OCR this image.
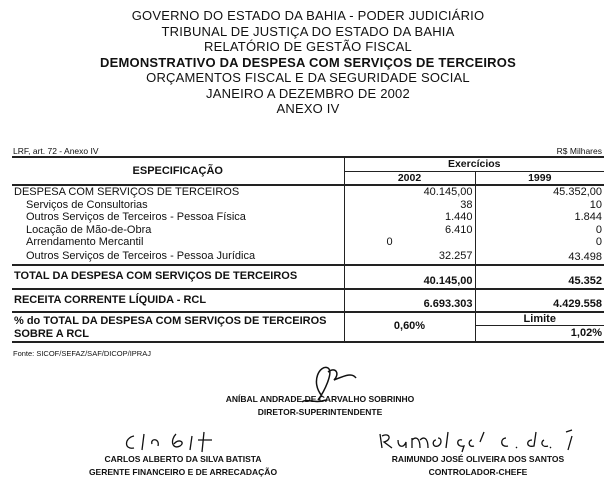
GOVERNO DO ESTADO DA BAHIA - PODER JUDICIÁRIO
TRIBUNAL DE JUSTIÇA DO ESTADO DA BAHIA
RELATÓRIO DE GESTÃO FISCAL
DEMONSTRATIVO DA DESPESA COM SERVIÇOS DE TERCEIROS
ORÇAMENTOS FISCAL E DA SEGURIDADE SOCIAL
JANEIRO A DEZEMBRO DE 2002
ANEXO IV
LRF, art. 72 - Anexo IV	R$ Milhares
ESPECIFICAÇÃO	Exercícios	
	2002	1999
DESPESA COM SERVIÇOS DE TERCEIROS	40.145,00	45.352,00
Serviços de Consultorias	38	10
Outros Serviços de Terceiros - Pessoa Física	1.440	1.844
Locação de Mão-de-Obra	6.410	0
Arrendamento Mercantil	0	0
Outros Serviços de Terceiros - Pessoa Jurídica	32.257	43.498
TOTAL DA DESPESA COM SERVIÇOS DE TERCEIROS	40.145,00	45.352
RECEITA CORRENTE LÍQUIDA - RCL	6.693.303	4.429.558

% do TOTAL DA DESPESA COM SERVIÇOS DE TERCEIROS
SOBRE A RCL	0,60%	Limite
		1,02%
Fonte: SICOF/SEFAZ/SAF/DICOP/IPRAJ
ANÍBAL ANDRADE DE CARVALHO SOBRINHO
DIRETOR-SUPERINTENDENTE
CARLOS ALBERTO DA SILVA BATISTA
GERENTE FINANCEIRO E DE ARRECADAÇÃO
RAIMUNDO JOSÉ OLIVEIRA DOS SANTOS
CONTROLADOR-CHEFE
